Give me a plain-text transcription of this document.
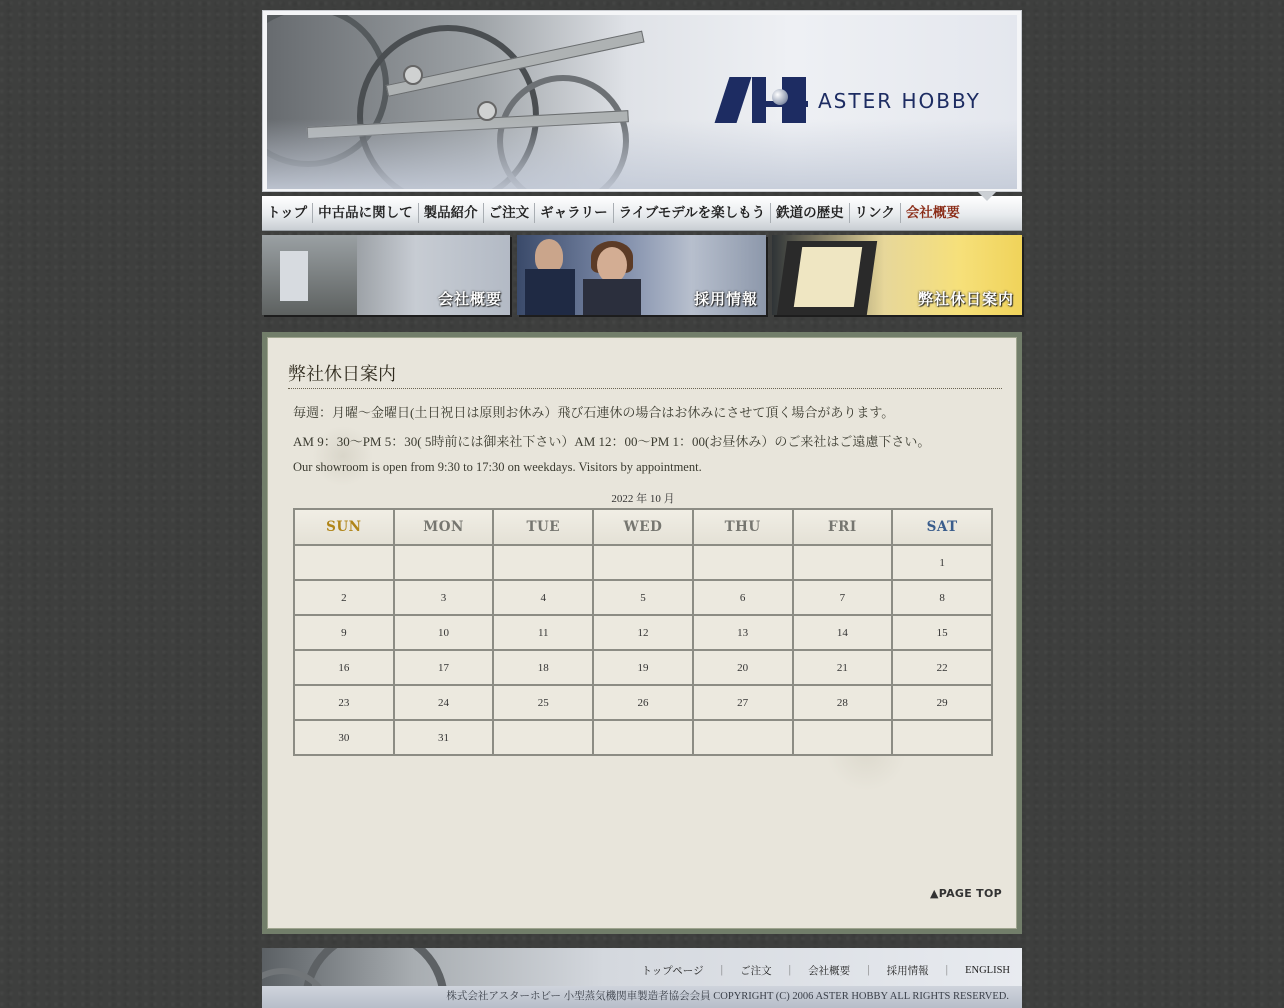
ASTER HOBBY
トップ 中古品に関して 製品紹介 ご注文 ギャラリー ライブモデルを楽しもう 鉄道の歴史 リンク 会社概要
会社概要	採用情報	弊社休日案内
弊社休日案内
毎週：月曜～金曜日(土日祝日は原則お休み）飛び石連休の場合はお休みにさせて頂く場合があります。
AM 9：30～PM 5：30( 5時前には御来社下さい）AM 12：00～PM 1：00(お昼休み）のご来社はご遠慮下さい。
Our showroom is open from 9:30 to 17:30 on weekdays. Visitors by appointment.
2022 年 10 月
SUN	MON	TUE	WED	THU	FRI	SAT
						1
2	3	4	5	6	7	8
9	10	11	12	13	14	15
16	17	18	19	20	21	22
23	24	25	26	27	28	29
30	31					
▲PAGE TOP
トップページ	｜	ご注文	｜	会社概要	｜	採用情報	｜	ENGLISH
株式会社アスターホビー 小型蒸気機関車製造者協会会員 COPYRIGHT (C) 2006 ASTER HOBBY ALL RIGHTS RESERVED.
